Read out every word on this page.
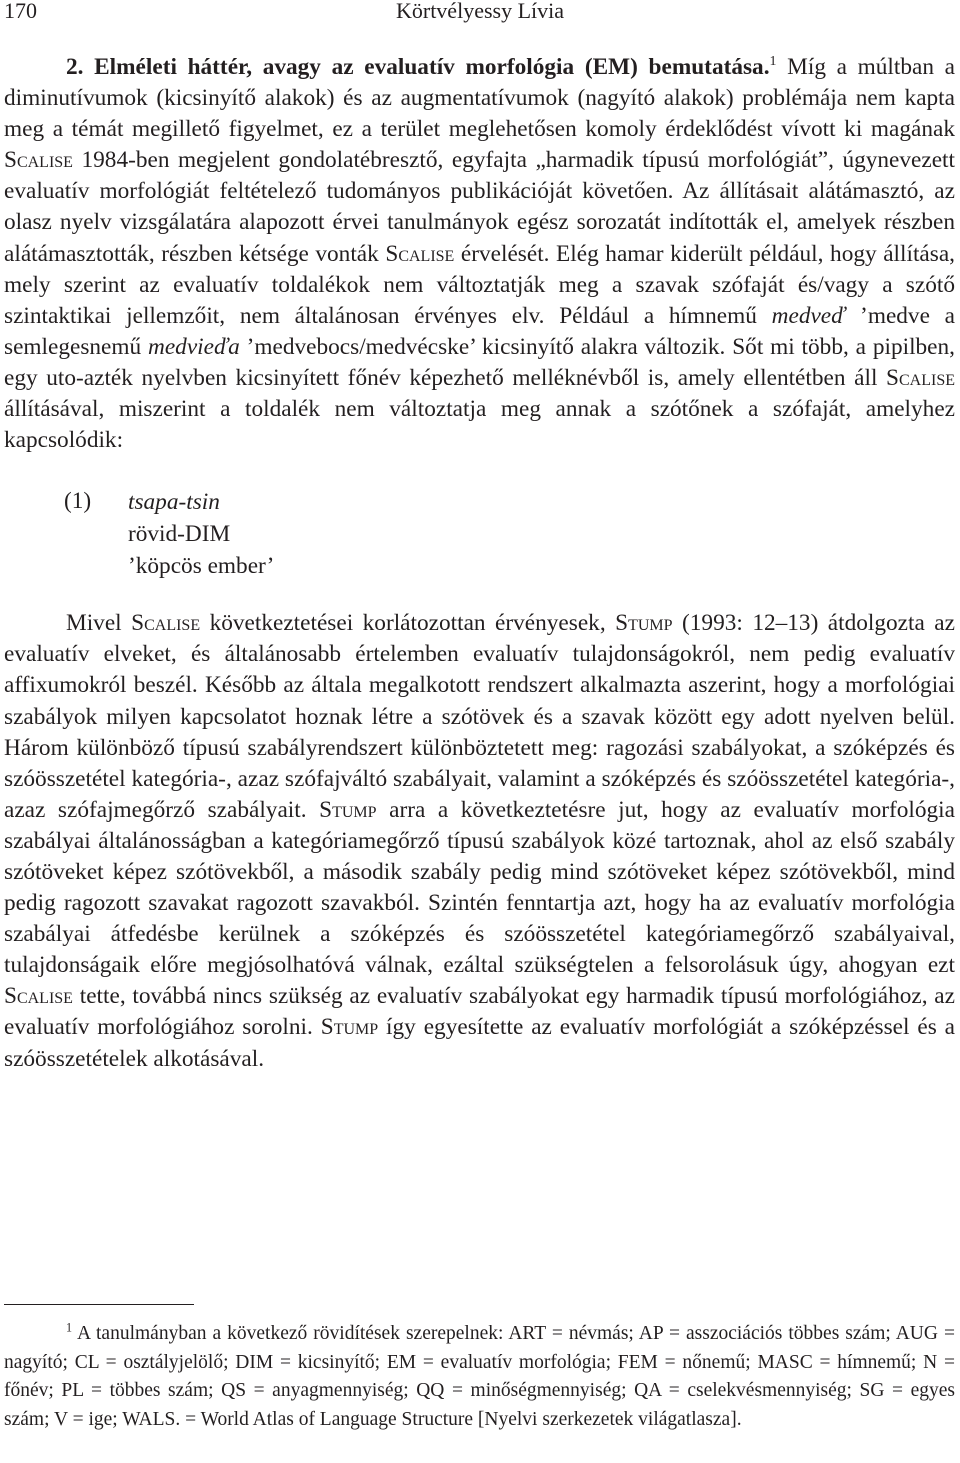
170	Körtvélyessy Lívia

2. Elméleti háttér, avagy az evaluatív morfológia (EM) bemutatása.$^1$ Míg a múltban a diminutívumok (kicsinyítő alakok) és az augmentatívumok (nagyító alakok) problémája nem kapta meg a témát megillető figyelmet, ez a terület meglehetősen komoly érdeklődést vívott ki magának Scalise 1984-ben megjelent gondolatébresztő, egyfajta „harmadik típusú morfológiát”, úgynevezett evaluatív morfológiát feltételező tudományos publikációját követően. Az állításait alátámasztó, az olasz nyelv vizsgálatára alapozott érvei tanulmányok egész sorozatát indították el, amelyek részben alátámasztották, részben kétsége vonták Scalise érvelését. Elég hamar kiderült például, hogy állítása, mely szerint az evaluatív toldalékok nem változtatják meg a szavak szófaját és/vagy a szótő szintaktikai jellemzőit, nem általánosan érvényes elv. Például a hímnemű medveď ’medve a semlegesnemű medvieďa ’medvebocs/medvécske’ kicsinyítő alakra változik. Sőt mi több, a pipilben, egy uto-azték nyelvben kicsinyített főnév képezhető melléknévből is, amely ellentétben áll Scalise állításával, miszerint a toldalék nem változtatja meg annak a szótőnek a szófaját, amelyhez kapcsolódik:

(1) tsapa-tsin
rövid-DIM
’köpcös ember’

Mivel Scalise következtetései korlátozottan érvényesek, Stump (1993: 12–13) átdolgozta az evaluatív elveket, és általánosabb értelemben evaluatív tulajdonságokról, nem pedig evaluatív affixumokról beszél. Később az általa megalkotott rendszert alkalmazta aszerint, hogy a morfológiai szabályok milyen kapcsolatot hoznak létre a szótövek és a szavak között egy adott nyelven belül. Három különböző típusú szabályrendszert különböztetett meg: ragozási szabályokat, a szóképzés és szóösszetétel kategória-, azaz szófajváltó szabályait, valamint a szóképzés és szóösszetétel kategória-, azaz szófajmegőrző szabályait. Stump arra a következtetésre jut, hogy az evaluatív morfológia szabályai általánosságban a kategóriamegőrző típusú szabályok közé tartoznak, ahol az első szabály szótöveket képez szótövekből, a második szabály pedig mind szótöveket képez szótövekből, mind pedig ragozott szavakat ragozott szavakból. Szintén fenntartja azt, hogy ha az evaluatív morfológia szabályai átfedésbe kerülnek a szóképzés és szóösszetétel kategóriamegőrző szabályaival, tulajdonságaik előre megjósolhatóvá válnak, ezáltal szükségtelen a felsorolásuk úgy, ahogyan ezt Scalise tette, továbbá nincs szükség az evaluatív szabályokat egy harmadik típusú morfológiához, az evaluatív morfológiához sorolni. Stump így egyesítette az evaluatív morfológiát a szóképzéssel és a szóösszetételek alkotásával.

$^1$ A tanulmányban a következő rövidítések szerepelnek: ART = névmás; AP = asszociációs többes szám; AUG = nagyító; CL = osztályjelölő; DIM = kicsinyítő; EM = evaluatív morfológia; FEM = nőnemű; MASC = hímnemű; N = főnév; PL = többes szám; QS = anyagmennyiség; QQ = minőségmennyiség; QA = cselekvésmennyiség; SG = egyes szám; V = ige; WALS. = World Atlas of Language Structure [Nyelvi szerkezetek világatlasza].
